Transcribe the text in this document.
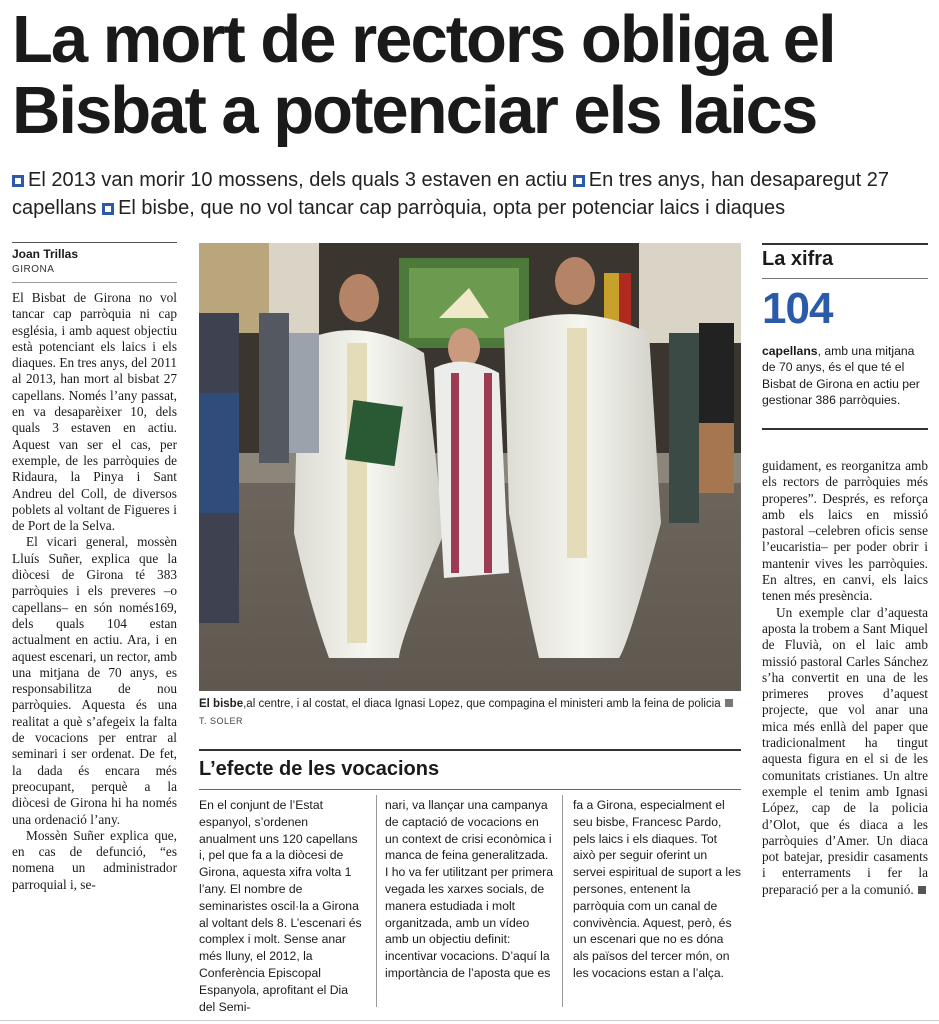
La mort de rectors obliga el Bisbat a potenciar els laics
El 2013 van morir 10 mossens, dels quals 3 estaven en actiu En tres anys, han desaparegut 27 capellans El bisbe, que no vol tancar cap parròquia, opta per potenciar laics i diaques
Joan Trillas
GIRONA

El Bisbat de Girona no vol tancar cap parròquia ni cap església, i amb aquest objectiu està potenciant els laics i els diaques. En tres anys, del 2011 al 2013, han mort al bisbat 27 capellans. Només l’any passat, en va desaparèixer 10, dels quals 3 estaven en actiu. Aquest van ser el cas, per exemple, de les parròquies de Ridaura, la Pinya i Sant Andreu del Coll, de diversos poblets al voltant de Figueres i de Port de la Selva.

El vicari general, mossèn Lluís Suñer, explica que la diòcesi de Girona té 383 parròquies i els preveres –o capellans– en són només169, dels quals 104 estan actualment en actiu. Ara, i en aquest escenari, un rector, amb una mitjana de 70 anys, es responsabilitza de nou parròquies. Aquesta és una realitat a què s’afegeix la falta de vocacions per entrar al seminari i ser ordenat. De fet, la dada és encara més preocupant, perquè a la diòcesi de Girona hi ha només una ordenació l’any.

Mossèn Suñer explica que, en cas de defunció, “es nomena un administrador parroquial i, se-

El bisbe,al centre, i al costat, el diaca Ignasi Lopez, que compagina el ministeri amb la feina de policiaT. SOLER
L’efecte de les vocacions
En el conjunt de l’Estat espanyol, s’ordenen anualment uns 120 capellans i, pel que fa a la diòcesi de Girona, aquesta xifra volta 1 l’any. El nombre de seminaristes oscil·la a Girona al voltant dels 8. L’escenari és complex i molt. Sense anar més lluny, el 2012, la Conferència Episcopal Espanyola, aprofitant el Dia del Semi-
nari, va llançar una campanya de captació de vocacions en un context de crisi econòmica i manca de feina generalitzada. I ho va fer utilitzant per primera vegada les xarxes socials, de manera estudiada i molt organitzada, amb un vídeo amb un objectiu definit: incentivar vocacions. D’aquí la importància de l’aposta que es
fa a Girona, especialment el seu bisbe, Francesc Pardo, pels laics i els diaques. Tot això per seguir oferint un servei espiritual de suport a les persones, entenent la parròquia com un canal de convivència. Aquest, però, és un escenari que no es dóna als països del tercer món, on les vocacions estan a l’alça.
La xifra
104
capellans, amb una mitjana de 70 anys, és el que té el Bisbat de Girona en actiu per gestionar 386 parròquies.

guidament, es reorganitza amb els rectors de parròquies més properes”. Després, es reforça amb els laics en missió pastoral –celebren oficis sense l’eucaristia– per poder obrir i mantenir vives les parròquies. En altres, en canvi, els laics tenen més presència.

Un exemple clar d’aquesta aposta la trobem a Sant Miquel de Fluvià, on el laic amb missió pastoral Carles Sánchez s’ha convertit en una de les primeres proves d’aquest projecte, que vol anar una mica més enllà del paper que tradicionalment ha tingut aquesta figura en el si de les comunitats cristianes. Un altre exemple el tenim amb Ignasi López, cap de la policia d’Olot, que és diaca a les parròquies d’Amer. Un diaca pot batejar, presidir casaments i enterraments i fer la preparació per a la comunió.
